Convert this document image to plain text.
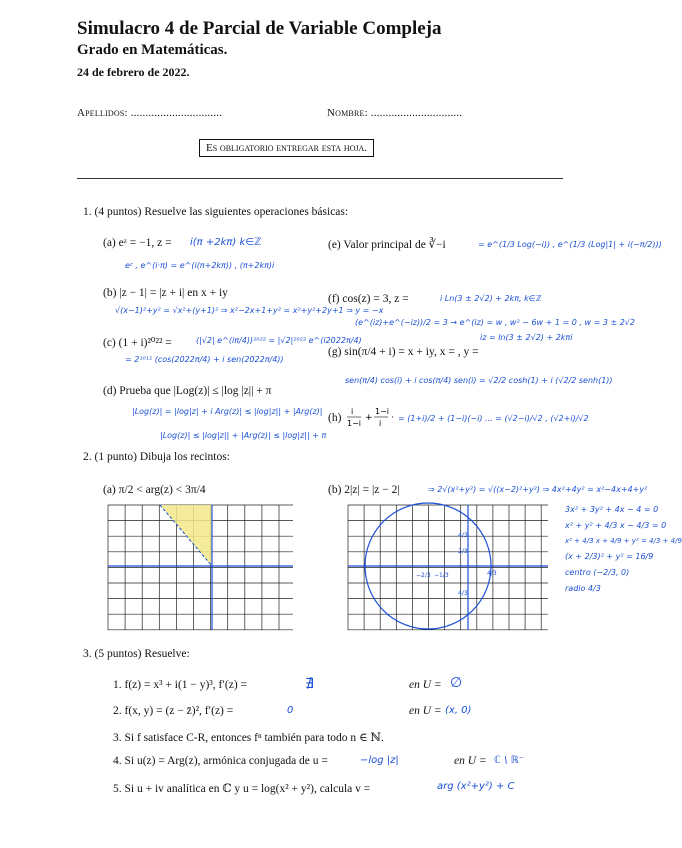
Simulacro 4 de Parcial de Variable Compleja
Grado en Matemáticas.
24 de febrero de 2022.
Apellidos: ...............................	Nombre: ...............................
Es obligatorio entregar esta hoja.
1. (4 puntos) Resuelve las siguientes operaciones básicas:
(a) eᶻ = −1, z = i(π +2kπ) k∈ℤ
eᶻ , e^(i·π) = e^(i(π+2kπ)) , (π+2kπ)i
(b) |z − 1| = |z + i| en x + iy
√(x−1)²+y² = √x²+(y+1)² ⇒ x²−2x+1+y² = x²+y²+2y+1 ⇒ y = −x
(c) (1 + i)²⁰²² =	(|√2| e^(iπ/4))²⁰²² = |√2|²⁰²² e^(i2022π/4)
= 2¹⁰¹¹ (cos(2022π/4) + i sen(2022π/4))
(d) Prueba que |Log(z)| ≤ |log |z|| + π
|Log(z)| = |log|z| + i Arg(z)| ≤ |log|z|| + |Arg(z)|
|Log(z)| ≤ |log|z|| + |Arg(z)| ≤ |log|z|| + π
(e) Valor principal de ∛−i	= e^(1/3 Log(−i)) , e^(1/3 (Log|1| + i(−π/2)))
(f) cos(z) = 3, z =	i Ln(3 ± 2√2) + 2kπ, k∈ℤ
(e^(iz)+e^(−iz))/2 = 3 → e^(iz) = w , w² − 6w + 1 = 0 , w = 3 ± 2√2
iz = ln(3 ± 2√2) + 2kπi
(g) sin(π/4 + i) = x + iy, x = , y =
sen(π/4) cos(i) + i cos(π/4) sen(i) = √2/2 cosh(1) + i (√2/2 senh(1))
(h)
i
1−i
+
1−i
i
· = (1+i)/2 + (1−i)(−i) ... = (√2−i)/√2 , (√2+i)/√2
2. (1 punto) Dibuja los recintos:
(a) π/2 < arg(z) < 3π/4	(b) 2|z| = |z − 2|	⇒ 2√(x²+y²) = √((x−2)²+y²) ⇒ 4x²+4y² = x²−4x+4+y²
4/3
2/3
−2/3 −1/3	4/3
4/3
3x² + 3y² + 4x − 4 = 0
x² + y² + 4/3 x − 4/3 = 0
x² + 4/3 x + 4/9 + y² = 4/3 + 4/9
(x + 2/3)² + y² = 16/9
centro (−2/3, 0)
radio 4/3
3. (5 puntos) Resuelve:
1. f(z) = x³ + i(1 − y)³, f′(z) =	∄	en U = ∅
2. f(x, y) = (z − z̄)², f′(z) =	0	en U = (x, 0)
3. Si f satisface C-R, entonces fⁿ también para todo n ∈ ℕ.
4. Si u(z) = Arg(z), armónica conjugada de u =	−log |z|	en U = ℂ \ ℝ⁻
5. Si u + iv analítica en ℂ y u = log(x² + y²), calcula v =	arg (x²+y²) + C
